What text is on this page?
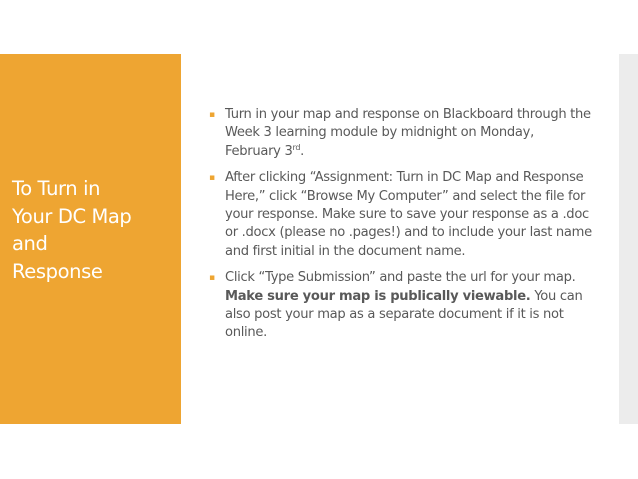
To Turn in
Your DC Map
and
Response
▪ Turn in your map and response on Blackboard through the Week 3 learning module by midnight on Monday, February 3rd.
▪ After clicking “Assignment: Turn in DC Map and Response Here,” click “Browse My Computer” and select the file for your response. Make sure to save your response as a .doc or .docx (please no .pages!) and to include your last name and first initial in the document name.
▪ Click “Type Submission” and paste the url for your map. Make sure your map is publically viewable. You can also post your map as a separate document if it is not online.
